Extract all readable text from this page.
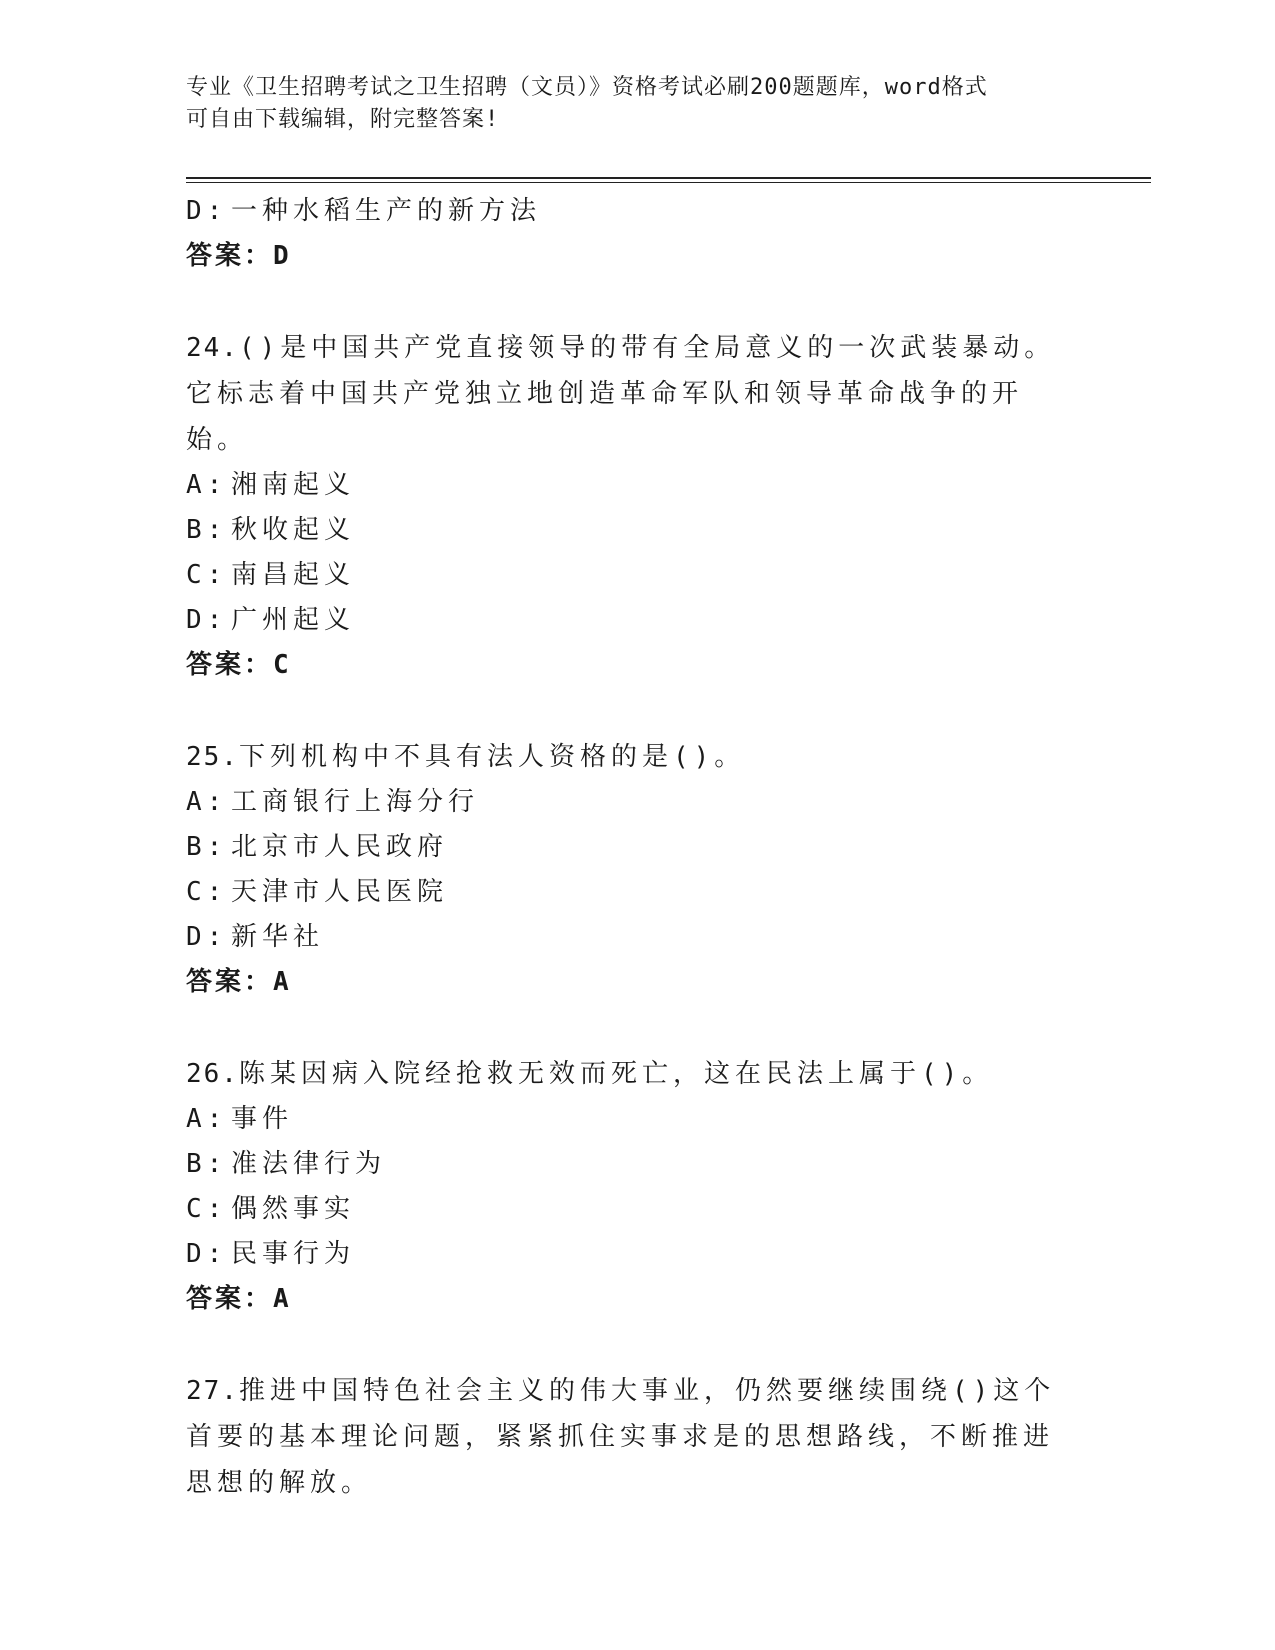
专业《卫生招聘考试之卫生招聘（文员）》资格考试必刷200题题库，word格式
可自由下载编辑，附完整答案!
D: 一种水稻生产的新方法
答案：D
24.()是中国共产党直接领导的带有全局意义的一次武装暴动。它标志着中国共产党独立地创造革命军队和领导革命战争的开始。
A: 湘南起义
B: 秋收起义
C: 南昌起义
D: 广州起义
答案：C
25.下列机构中不具有法人资格的是()。
A: 工商银行上海分行
B: 北京市人民政府
C: 天津市人民医院
D: 新华社
答案：A
26.陈某因病入院经抢救无效而死亡，这在民法上属于()。
A: 事件
B: 准法律行为
C: 偶然事实
D: 民事行为
答案：A
27.推进中国特色社会主义的伟大事业，仍然要继续围绕()这个首要的基本理论问题，紧紧抓住实事求是的思想路线，不断推进思想的解放。
